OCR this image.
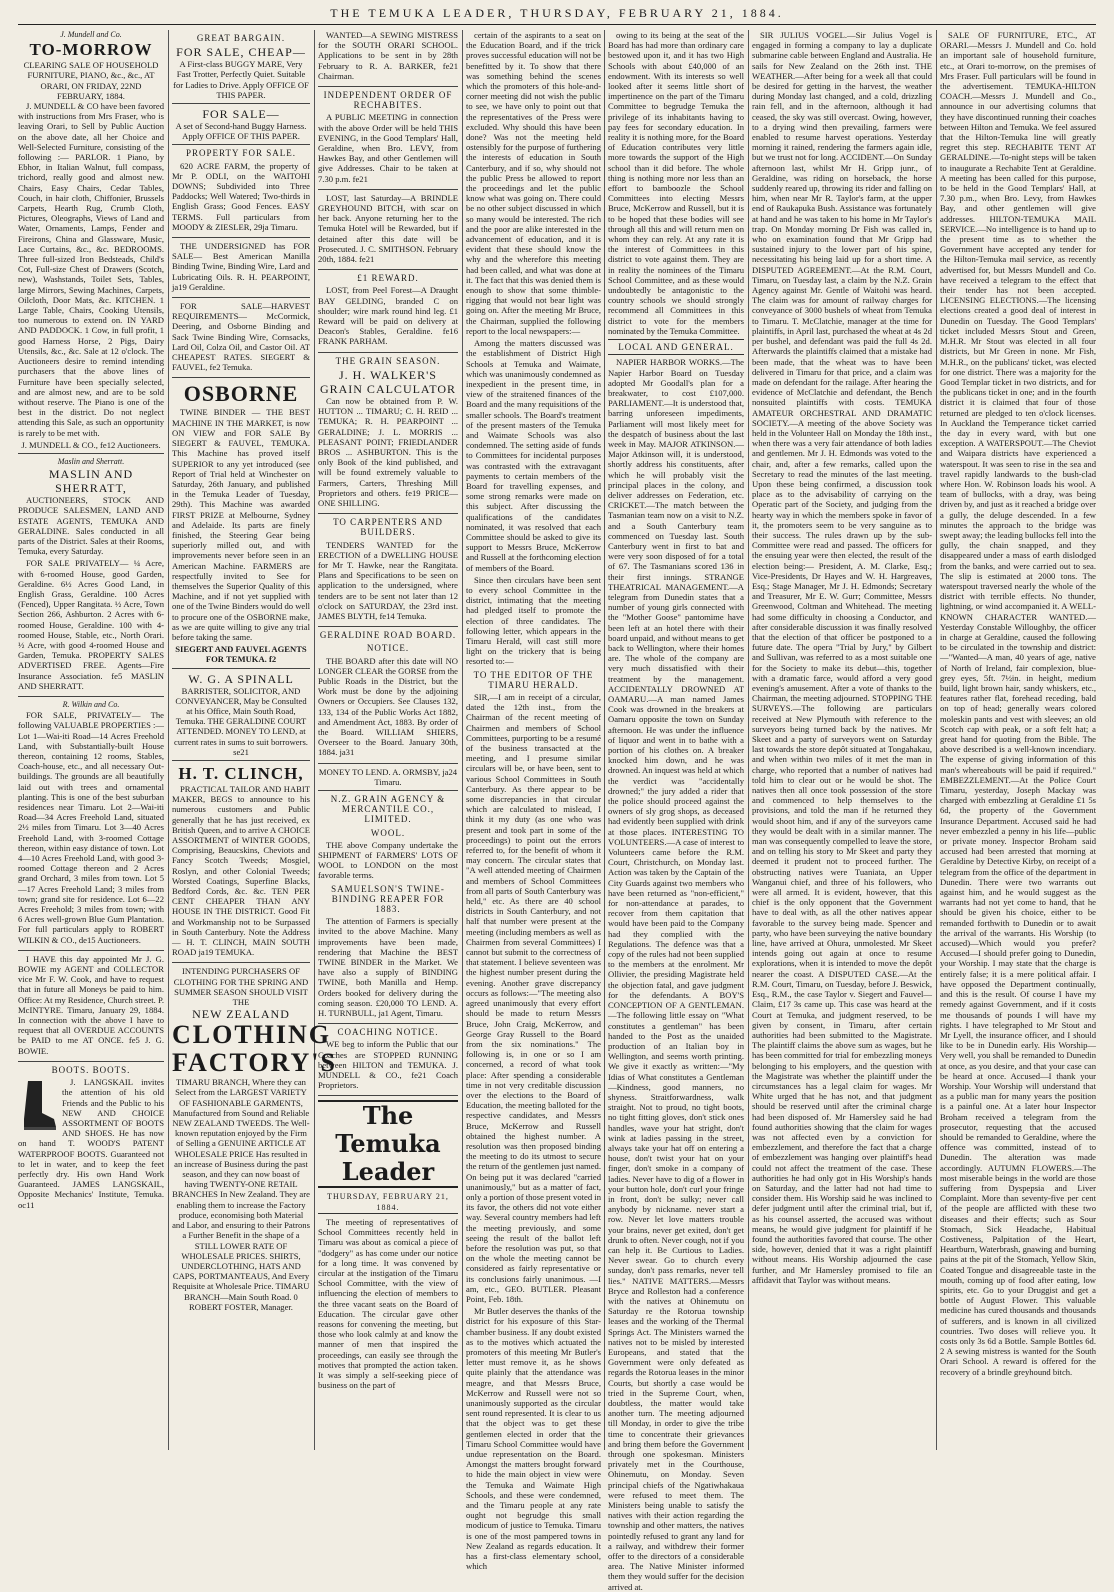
THE TEMUKA LEADER, THURSDAY, FEBRUARY 21, 1884.
J. Mundell and Co.
TO-MORROW
CLEARING SALE OF HOUSEHOLD FURNITURE, PIANO, &c., &c., AT ORARI, ON FRIDAY, 22ND FEBRUARY, 1884.
J. MUNDELL & CO have been favored with instructions from Mrs Fraser, who is leaving Orari, to Sell by Public Auction on the above date, all her Choice and Well-Selected Furniture, consisting of the following :— PARLOR. 1 Piano, by Ebhor, in Italian Walnut, full compass, trichord, really good and almost new. Chairs, Easy Chairs, Cedar Tables, Couch, in hair cloth, Chiffonier, Brussels Carpets, Hearth Rug, Crumb Cloth, Pictures, Oleographs, Views of Land and Water, Ornaments, Lamps, Fender and Fireirons, China and Glassware, Music, Lace Curtains, &c., &c. BEDROOMS. Three full-sized Iron Bedsteads, Child's Cot, Full-size Chest of Drawers (Scotch, new), Washstands, Toilet Sets, Tables, large Mirrors, Sewing Machines, Carpets, Oilcloth, Door Mats, &c. KITCHEN. 1 Large Table, Chairs, Cooking Utensils, too numerous to extend on. IN YARD AND PADDOCK. 1 Cow, in full profit, 1 good Harness Horse, 2 Pigs, Dairy Utensils, &c., &c. Sale at 12 o'clock. The Auctioneers desire to remind intending purchasers that the above lines of Furniture have been specially selected, and are almost new, and are to be sold without reserve. The Piano is one of the best in the district. Do not neglect attending this Sale, as such an opportunity is rarely to be met with.
J. MUNDELL & CO., fe12 Auctioneers.
Maslin and Sherratt.
MASLIN AND SHERRATT,
AUCTIONEERS, STOCK AND PRODUCE SALESMEN, LAND AND ESTATE AGENTS, TEMUKA AND GERALDINE. Sales conducted in all parts of the District. Sales at their Rooms, Temuka, every Saturday.
FOR SALE PRIVATELY— ¼ Acre, with 6-roomed House, good Garden, Geraldine. 6½ Acres Good Land, in English Grass, Geraldine. 100 Acres (Fenced), Upper Rangitata. ½ Acre, Town Section 266, Ashburton. 2 Acres with 6-roomed House, Geraldine. 100 with 4-roomed House, Stable, etc., North Orari. ½ Acre, with good 4-roomed House and Garden, Temuka. PROPERTY SALES ADVERTISED FREE. Agents—Fire Insurance Association. fe5 MASLIN AND SHERRATT.
R. Wilkin and Co.
FOR SALE, PRIVATELY— The following VALUABLE PROPERTIES :— Lot 1—Wai-iti Road—14 Acres Freehold Land, with Substantially-built House thereon, containing 12 rooms, Stables, Coach-house, etc., and all necessary Out-buildings. The grounds are all beautifully laid out with trees and ornamental planting. This is one of the best suburban residences near Timaru. Lot 2—Wai-iti Road—34 Acres Freehold Land, situated 2½ miles from Timaru. Lot 3—40 Acres Freehold Land, with 3-roomed Cottage thereon, within easy distance of town. Lot 4—10 Acres Freehold Land, with good 3-roomed Cottage thereon and 2 Acres grand Orchard, 3 miles from town. Lot 5—17 Acres Freehold Land; 3 miles from town; grand site for residence. Lot 6—22 Acres Freehold; 3 miles from town; with 6 Acres well-grown Blue Gum Plantation. For full particulars apply to ROBERT WILKIN & CO., de15 Auctioneers.
I HAVE this day appointed Mr J. G. BOWIE my AGENT and COLLECTOR vice Mr F. W. Cook, and have to request that in future all Moneys be paid to him. Office: At my Residence, Church street. P. McINTYRE. Timaru, January 29, 1884. In connection with the above I have to request that all OVERDUE ACCOUNTS be PAID to me AT ONCE. fe5 J. G. BOWIE.
BOOTS. BOOTS.
J. LANGSKAIL invites the attention of his old Friends and the Public to his NEW AND CHOICE ASSORTMENT OF BOOTS AND SHOES. He has now on hand T. WOOD'S PATENT WATERPROOF BOOTS. Guaranteed not to let in water, and to keep the feet perfectly dry. His own Hand Work Guaranteed. JAMES LANGSKAIL, Opposite Mechanics' Institute, Temuka. oc11
GREAT BARGAIN.
FOR SALE, CHEAP—
A First-class BUGGY MARE, Very Fast Trotter, Perfectly Quiet. Suitable for Ladies to Drive. Apply OFFICE OF THIS PAPER.
FOR SALE—
A set of Second-hand Buggy Harness. Apply OFFICE OF THIS PAPER.
PROPERTY FOR SALE.
620 ACRE FARM, the property of Mr P. ODLI, on the WAITOHI DOWNS; Subdivided into Three Paddocks; Well Watered; Two-thirds in English Grass; Good Fences. EASY TERMS. Full particulars from MOODY & ZIESLER, 29ja Timaru.
THE UNDERSIGNED has FOR SALE— Best American Manilla Binding Twine, Binding Wire, Lard and Lubricating Oils. R. H. PEARPOINT, ja19 Geraldine.
FOR SALE—HARVEST REQUIREMENTS— McCormick, Deering, and Osborne Binding and Sack Twine Binding Wire, Cornsacks, Lard Oil, Colza Oil, and Castor Oil. AT CHEAPEST RATES. SIEGERT & FAUVEL, fe2 Temuka.
OSBORNE
TWINE BINDER — THE BEST MACHINE IN THE MARKET, is now ON VIEW and FOR SALE By SIEGERT & FAUVEL, TEMUKA. This Machine has proved itself SUPERIOR to any yet introduced (see Report of Trial held at Winchester on Saturday, 26th January, and published in the Temuka Leader of Tuesday, 29th). This Machine was awarded FIRST PRIZE at Melbourne, Sydney and Adelaide. Its parts are finely finished, the Steering Gear being superiorly milled out, and with improvements never before seen in an American Machine. FARMERS are respectfully invited to See for themselves the Superior Quality of this Machine, and if not yet supplied with one of the Twine Binders would do well to procure one of the OSBORNE make, as we are quite willing to give any trial before taking the same.
SIEGERT AND FAUVEL AGENTS FOR TEMUKA. f2
W. G. A SPINALL
BARRISTER, SOLICITOR, AND CONVEYANCER, May be Consulted at his Office, Main South Road, Temuka. THE GERALDINE COURT ATTENDED. MONEY TO LEND, at current rates in sums to suit borrowers. se21
H. T. CLINCH,
PRACTICAL TAILOR AND HABIT MAKER, BEGS to announce to his numerous customers and Public generally that he has just received, ex British Queen, and to arrive A CHOICE ASSORTMENT of WINTER GOODS, Comprising, Beaucskins, Cheviots and Fancy Scotch Tweeds; Mosgiel, Roslyn, and other Colonial Tweeds; Worsted Coatings, Superfine Blacks, Bedford Cords, &c. &c. TEN PER CENT CHEAPER THAN ANY HOUSE IN THE DISTRICT. Good Fit and Workmanship not to be Surpassed in South Canterbury. Note the Address— H. T. CLINCH, MAIN SOUTH ROAD ja19 TEMUKA.
INTENDING PURCHASERS OF CLOTHING FOR THE SPRING AND SUMMER SEASON SHOULD VISIT THE
NEW ZEALAND
CLOTHING FACTORY'S
TIMARU BRANCH, Where they can Select from the LARGEST VARIETY OF FASHIONABLE GARMENTS, Manufactured from Sound and Reliable NEW ZEALAND TWEEDS. The Well-known reputation enjoyed by the Firm of Selling a GENUINE ARTICLE AT WHOLESALE PRICE Has resulted in an increase of Business during the past season, and they can now boast of having TWENTY-ONE RETAIL BRANCHES In New Zealand. They are enabling them to increase the Factory produce, economising both Material and Labor, and ensuring to their Patrons a Further Benefit in the shape of a STILL LOWER RATE OF WHOLESALE PRICES. SHIRTS, UNDERCLOTHING, HATS AND CAPS, PORTMANTEAUS, And Every Requisite at Wholesale Price. TIMARU BRANCH—Main South Road. 0 ROBERT FOSTER, Manager.
WANTED—A SEWING MISTRESS for the SOUTH ORARI SCHOOL. Applications to be sent in by 28th February to R. A. BARKER, fe21 Chairman.
INDEPENDENT ORDER OF RECHABITES.
A PUBLIC MEETING in connection with the above Order will be held THIS EVENING, in the Good Templars' Hall, Geraldine, when Bro. LEVY, from Hawkes Bay, and other Gentlemen will give Addresses. Chair to be taken at 7.30 p.m. fe21
LOST, last Saturday—A BRINDLE GREYHOUND BITCH, with scar on her back. Anyone returning her to the Temuka Hotel will be Rewarded, but if detained after this date will be Prosecuted. J. C. SMITHSON. February 20th, 1884. fe21
£1 REWARD.
LOST, from Peel Forest—A Draught BAY GELDING, branded C on shoulder; wire mark round hind leg. £1 Reward will be paid on delivery at Deacon's Stables, Geraldine. fe16 FRANK PARHAM.
THE GRAIN SEASON.
J. H. WALKER'S GRAIN CALCULATOR
Can now be obtained from P. W. HUTTON ... TIMARU; C. H. REID ... TEMUKA; R. H. PEARPOINT ... GERALDINE; J. L. MORRIS ... PLEASANT POINT; FRIEDLANDER BROS ... ASHBURTON. This is the only Book of the kind published, and will be found extremely valuable to Farmers, Carters, Threshing Mill Proprietors and others. fe19 PRICE—ONE SHILLING.
TO CARPENTERS AND BUILDERS.
TENDERS WANTED for the ERECTION of a DWELLING HOUSE for Mr T. Hawke, near the Rangitata. Plans and Specifications to be seen on application to the undersigned, where tenders are to be sent not later than 12 o'clock on SATURDAY, the 23rd inst. JAMES BLYTH, fe14 Temuka.
GERALDINE ROAD BOARD.
NOTICE.
THE BOARD after this date will NO LONGER CLEAR the GORSE from the Public Roads in the District, but the Work must be done by the adjoining Owners or Occupiers. See Clauses 132, 133, 134 of the Public Works Act 1882, and Amendment Act, 1883. By order of the Board. WILLIAM SHIERS, Overseer to the Board. January 30th, 1884. ja31
MONEY TO LEND. A. ORMSBY, ja24 Timaru.
N.Z. GRAIN AGENCY & MERCANTILE CO., LIMITED.
WOOL.
THE above Company undertake the SHIPMENT of FARMERS' LOTS OF WOOL to LONDON on the most favorable terms.
SAMUELSON'S TWINE-BINDING REAPER FOR 1883.
The attention of Farmers is specially invited to the above Machine. Many improvements have been made, rendering that Machine the BEST TWINE BINDER in the Market. We have also a supply of BINDING TWINE, both Manilla and Hemp. Orders booked for delivery during the coming season. £20,000 TO LEND. A. H. TURNBULL, ja1 Agent, Timaru.
COACHING NOTICE.
WE beg to inform the Public that our Coaches are STOPPED RUNNING between HILTON and TEMUKA. J. MUNDELL & CO., fe21 Coach Proprietors.
The Temuka Leader
THURSDAY, FEBRUARY 21, 1884.
The meeting of representatives of School Committees recently held in Timaru was about as comical a piece of "dodgery" as has come under our notice for a long time. It was convened by circular at the instigation of the Timaru School Committee, with the view of influencing the election of members to the three vacant seats on the Board of Education. The circular gave other reasons for convening the meeting, but those who look calmly at and know the manner of men that inspired the proceedings, can easily see through the motives that prompted the action taken. It was simply a self-seeking piece of business on the part of
certain of the aspirants to a seat on the Education Board, and if the trick proves successful education will not be benefitted by it. To show that there was something behind the scenes which the promoters of this hole-and-corner meeting did not wish the public to see, we have only to point out that the representatives of the Press were excluded. Why should this have been done? Was not the meeting held ostensibly for the purpose of furthering the interests of education in South Canterbury, and if so, why should not the public Press be allowed to report the proceedings and let the public know what was going on. There could be no other subject discussed in which so many would be interested. The rich and the poor are alike interested in the advancement of education, and it is evident that these should know the why and the wherefore this meeting had been called, and what was done at it. The fact that this was denied them is enough to show that some thimble-rigging that would not bear light was going on. After the meeting Mr Bruce, the Chairman, supplied the following report to the local newspapers:—
Among the matters discussed was the establishment of District High Schools at Temuka and Waimate, which was unanimously condemned as inexpedient in the present time, in view of the straitened finances of the Board and the many requisitions of the smaller schools. The Board's treatment of the present masters of the Temuka and Waimate Schools was also condemned. The setting aside of funds to Committees for incidental purposes was contrasted with the extravagant payments to certain members of the Board for travelling expenses, and some strong remarks were made on this subject. After discussing the qualifications of the candidates nominated, it was resolved that each Committee should be asked to give its support to Messrs Bruce, McKerrow and Russell at the forthcoming election of members of the Board.
Since then circulars have been sent to every school Committee in the district, intimating that the meeting had pledged itself to promote the election of three candidates. The following letter, which appears in the Timaru Herald, will cast still more light on the trickery that is being resorted to:—
TO THE EDITOR OF THE TIMARU HERALD.
SIR,—I am in receipt of a circular, dated the 12th inst., from the Chairman of the recent meeting of Chairmen and members of School Committees, purporting to be a resumé of the business transacted at the meeting, and I presume similar circulars will be, or have been, sent to various School Committees in South Canterbury. As there appear to be some discrepancies in that circular which are calculated to mislead, I think it my duty (as one who was present and took part in some of the proceedings) to point out the errors referred to, for the benefit of whom it may concern. The circular states that "A well attended meeting of Chairmen and members of School Committees from all parts of South Canterbury was held," etc. As there are 40 school districts in South Canterbury, and not half that number were present at the meeting (including members as well as Chairmen from several Committees) I cannot but submit to the correctness of that statement. I believe seventeen was the highest number present during the evening. Another grave discrepancy occurs as follows:—"The meeting also agreed unanimously that every effort should be made to return Messrs Bruce, John Craig, McKerrow, and George Gray Russell to the Board from the six nominations." The following is, in one or so I am concerned, a record of what took place: After spending a considerable time in not very creditable discussion over the elections to the Board of Education, the meeting balloted for the respective candidates, and Messrs Bruce, McKerrow and Russell obtained the highest number. A resolution was then proposed binding the meeting to do its utmost to secure the return of the gentlemen just named. On being put it was declared "carried unanimously," but as a matter of fact, only a portion of those present voted in its favor, the others did not vote either way. Several country members had left the meeting previously, and some seeing the result of the ballot left before the resolution was put, so that on the whole the meeting cannot be considered as fairly representative or its conclusions fairly unanimous. —I am, etc., GEO. BUTLER. Pleasant Point, Feb. 18th.
Mr Butler deserves the thanks of the district for his exposure of this Star-chamber business. If any doubt existed as to the motives which actuated the promoters of this meeting Mr Butler's letter must remove it, as he shows quite plainly that the attendance was meagre, and that Messrs Bruce, McKerrow and Russell were not so unanimously supported as the circular sent round represented. It is clear to us that the object was to get these gentlemen elected in order that the Timaru School Committee would have undue representation on the Board. Amongst the matters brought forward to hide the main object in view were the Temuka and Waimate High Schools, and these were condemned, and the Timaru people at any rate ought not begrudge this small modicum of justice to Temuka. Timaru is one of the most pampered towns in New Zealand as regards education. It has a first-class elementary school, which
owing to its being at the seat of the Board has had more than ordinary care bestowed upon it, and it has two High Schools with about £40,000 of an endowment. With its interests so well looked after it seems little short of impertinence on the part of the Timaru Committee to begrudge Temuka the privilege of its inhabitants having to pay fees for secondary education. In reality it is nothing more, for the Board of Education contributes very little more towards the support of the High school than it did before. The whole thing is nothing more nor less than an effort to bamboozle the School Committees into electing Messrs Bruce, McKerrow and Russell, but it is to be hoped that these bodies will see through all this and will return men on whom they can rely. At any rate it is the interest of Committees in this district to vote against them. They are in reality the nominees of the Timaru School Committee, and as these would undoubtedly be antagonistic to the country schools we should strongly recommend all Committees in this district to vote for the members nominated by the Temuka Committee.
LOCAL AND GENERAL.
NAPIER HARBOR WORKS.—The Napier Harbor Board on Tuesday adopted Mr Goodall's plan for a breakwater, to cost £107,000. PARLIAMENT.—It is understood that, barring unforeseen impediments, Parliament will most likely meet for the despatch of business about the last week in May. MAJOR ATKINSON.—Major Atkinson will, it is understood, shortly address his constituents, after which he will probably visit the principal places in the colony, and deliver addresses on Federation, etc. CRICKET.—The match between the Tasmanian team now on a visit to N.Z. and a South Canterbury team commenced on Tuesday last. South Canterbury went in first to bat and were very soon disposed of for a total of 67. The Tasmanians scored 136 in their first innings. STRANGE THEATRICAL MANAGEMENT.—A telegram from Dunedin states that a number of young girls connected with the "Mother Goose" pantomime have been left at an hotel there with their board unpaid, and without means to get back to Wellington, where their homes are. The whole of the company are very much dissatisfied with their treatment by the management. ACCIDENTALLY DROWNED AT OAMARU.—A man named James Cook was drowned in the breakers at Oamaru opposite the town on Sunday afternoon. He was under the influence of liquor and went in to bathe with a portion of his clothes on. A breaker knocked him down, and he was drowned. An inquest was held at which the verdict was "accidentally drowned;" the jury added a rider that the police should proceed against the owners of sly grog shops, as deceased had evidently been supplied with drink at those places. INTERESTING TO VOLUNTEERS.—A case of interest to Volunteers came before the R.M. Court, Christchurch, on Monday last. Action was taken by the Captain of the City Guards against two members who have been returned as "non-efficient," for non-attendance at parades, to recover from them capitation that would have been paid to the Company had they complied with the Regulations. The defence was that a copy of the rules had not been supplied to the members at the enrolment. Mr Ollivier, the presiding Magistrate held the objection fatal, and gave judgment for the defendants. A BOY'S CONCEPTION OF A GENTLEMAN.—The following little essay on "What constitutes a gentleman" has been handed to the Post as the unaided production of an Italian boy in Wellington, and seems worth printing. We give it exactly as written:—"My Idias of What constitutes a Gentleman—Kindness, good manners, no shyness. Straitforwardness, walk straight. Not to proud, no tight boots, no tight fitting gloves, don't stick ones handles, wave your hat stright, don't wink at ladies passing in the street, always take your hat off on entering a house, don't twist your hat on your finger, don't smoke in a company of ladies. Never have to dig of a flower in your button hole, don't curl your fringe in front, don't be sulky; never call anybody by nickname. never start a row. Never let love matters trouble your brains, never get exited, don't get drunk to often. Never cough, not if you can help it. Be Curtious to Ladies. Never swear. Go to church every sunday, don't pass remarks, never tell lies." NATIVE MATTERS.—Messrs Bryce and Rolleston had a conference with the natives at Ohinemutu on Saturday re the Rotorua township leases and the working of the Thermal Springs Act. The Ministers warned the natives not to be misled by interested Europeans, and stated that the Government were only defeated as regards the Rotorua leases in the minor Courts, but shortly a case would be tried in the Supreme Court, when, doubtless, the matter would take another turn. The meeting adjourned till Monday, in order to give the tribe time to concentrate their grievances and bring them before the Government through one spokesman. Ministers privately met in the Courthouse, Ohinemutu, on Monday. Seven principal chiefs of the Ngatiwhakaua were refused to meet them. The Ministers being unable to satisfy the natives with their action regarding the township and other matters, the natives pointedly refused to grant any land for a railway, and withdrew their former offer to the directors of a considerable area. The Native Minister informed them they would suffer for the decision arrived at.
SIR JULIUS VOGEL.—Sir Julius Vogel is engaged in forming a company to lay a duplicate submarine cable between England and Australia. He sails for New Zealand on the 26th inst. THE WEATHER.—After being for a week all that could be desired for getting in the harvest, the weather during Monday last changed, and a cold, drizzling rain fell, and in the afternoon, although it had ceased, the sky was still overcast. Owing, however, to a drying wind then prevailing, farmers were enabled to resume harvest operations. Yesterday morning it rained, rendering the farmers again idle, but we trust not for long. ACCIDENT.—On Sunday afternoon last, whilst Mr H. Gripp junr., of Geraldine, was riding on horseback, the horse suddenly reared up, throwing its rider and falling on him, when near Mr R. Taylor's farm, at the upper end of Raukapuka Bush. Assistance was fortunately at hand and he was taken to his home in Mr Taylor's trap. On Monday morning Dr Fish was called in, who on examination found that Mr Gripp had sustained injury to the lower part of his spine, necessitating his being laid up for a short time. A DISPUTED AGREEMENT.—At the R.M. Court, Timaru, on Tuesday last, a claim by the N.Z. Grain Agency against Mr. Gentle of Waitohi was heard. The claim was for amount of railway charges for conveyance of 3000 bushels of wheat from Temuka to Timaru. T. McClatchie, manager at the time for plaintiffs, in April last, purchased the wheat at 4s 2d per bushel, and defendant was paid the full 4s 2d. Afterwards the plaintiffs claimed that a mistake had been made, that the wheat was to have been delivered in Timaru for that price, and a claim was made on defendant for the railage. After hearing the evidence of McClatchie and defendant, the Bench nonsuited plaintiffs with costs. TEMUKA AMATEUR ORCHESTRAL AND DRAMATIC SOCIETY.—A meeting of the above Society was held in the Volunteer Hall on Monday the 18th inst., when there was a very fair attendance of both ladies and gentlemen. Mr J. H. Edmonds was voted to the chair, and, after a few remarks, called upon the Secretary to read the minutes of the last meeting. Upon these being confirmed, a discussion took place as to the advisability of carrying on the Operatic part of the Society, and judging from the hearty way in which the members spoke in favor of it, the promoters seem to be very sanguine as to their success. The rules drawn up by the sub-Committee were read and passed. The officers for the ensuing year were then elected, the result of the election being:— President, A. M. Clarke, Esq.; Vice-Presidents, Dr Hayes and W. H. Hargreaves, Esq.; Stage Manager, Mr J. H. Edmonds; Secretary and Treasurer, Mr E. W. Gurr; Committee, Messrs Greenwood, Coltman and Whitehead. The meeting had some difficulty in choosing a Conductor, and after considerable discussion it was finally resolved that the election of that officer be postponed to a future date. The opera "Trial by Jury," by Gilbert and Sullivan, was referred to as a most suitable one for the Society to make its debut—this, together with a dramatic farce, would afford a very good evening's amusement. After a vote of thanks to the Chairman, the meeting adjourned. STOPPING THE SURVEYS.—The following are particulars received at New Plymouth with reference to the surveyors being turned back by the natives. Mr Skeet and a party of surveyors went on Saturday last towards the store depôt situated at Tongahakau, and when within two miles of it met the man in charge, who reported that a number of natives had told him to clear out or he would be shot. The natives then all once took possession of the store and commenced to help themselves to the provisions, and told the man if he returned they would shoot him, and if any of the surveyors came they would be dealt with in a similar manner. The man was consequently compelled to leave the store, and on telling his story to Mr Skeet and party they deemed it prudent not to proceed further. The obstructing natives were Tuaniata, an Upper Wanganui chief, and three of his followers, who were all armed. It is evident, however, that this chief is the only opponent that the Government have to deal with, as all the other natives appear favorable to the survey being made. Spencer and party, who have been surveying the native boundary line, have arrived at Ohura, unmolested. Mr Skeet intends going out again at once to resume explorations, when it is intended to move the depôt nearer the coast. A DISPUTED CASE.—At the R.M. Court, Timaru, on Tuesday, before J. Beswick, Esq., R.M., the case Taylor v. Siegert and Fauvel—Claim, £17 3s came up. This case was heard at the Court at Temuka, and judgment reserved, to be given by consent, in Timaru, after certain authorities had been submitted to the Magistrate. The plaintiff claims the above sum as wages, but he has been committed for trial for embezzling moneys belonging to his employers, and the question with the Magistrate was whether the plaintiff under the circumstances has a legal claim for wages. Mr White urged that he has not, and that judgment should be reserved until after the criminal charge had been disposed of. Mr Hamersley said he had found authorities showing that the claim for wages was not affected even by a conviction for embezzlement, and therefore the fact that a charge of embezzlement was hanging over plaintiff's head could not affect the treatment of the case. These authorities he had only got in His Worship's hands on Saturday, and the latter had not had time to consider them. His Worship said he was inclined to defer judgment until after the criminal trial, but if, as his counsel asserted, the accused was without means, he would give judgment for plaintiff if he found the authorities favored that course. The other side, however, denied that it was a right plaintiff without means. His Worship adjourned the case further, and Mr Hamersley promised to file an affidavit that Taylor was without means.
SALE OF FURNITURE, ETC., AT ORARI.—Messrs J. Mundell and Co. hold an important sale of household furniture, etc., at Orari to-morrow, on the premises of Mrs Fraser. Full particulars will be found in the advertisement. TEMUKA-HILTON COACH.—Messrs J. Mundell and Co., announce in our advertising columns that they have discontinued running their coaches between Hilton and Temuka. We feel assured that the Hilton-Temuka line will greatly regret this step. RECHABITE TENT AT GERALDINE.—To-night steps will be taken to inaugurate a Rechabite Tent at Geraldine. A meeting has been called for this purpose, to be held in the Good Templars' Hall, at 7.30 p.m., when Bro. Levy, from Hawkes Bay, and other gentlemen will give addresses. HILTON-TEMUKA MAIL SERVICE.—No intelligence is to hand up to the present time as to whether the Government have accepted any tender for the Hilton-Temuka mail service, as recently advertised for, but Messrs Mundell and Co. have received a telegram to the effect that their tender has not been accepted. LICENSING ELECTIONS.—The licensing elections created a good deal of interest in Dunedin on Tuesday. The Good Templars' ticket included Messrs Stout and Green, M.H.R. Mr Stout was elected in all four districts, but Mr Green in none. Mr Fish, M.H.R., on the publicans' ticket, was elected for one district. There was a majority for the Good Templar ticket in two districts, and for the publicans ticket in one; and in the fourth district it is claimed that four of those returned are pledged to ten o'clock licenses. In Auckland the Temperance ticket carried the day in every ward, with but one exception. A WATERSPOUT.—The Cheviot and Waipara districts have experienced a waterspout. It was seen to rise in the sea and travel rapidly landwards to the bush-clad where Hon. W. Robinson loads his wool. A team of bullocks, with a dray, was being driven by, and just as it reached a bridge over a gully, the deluge descended. In a few minutes the approach to the bridge was swept away; the leading bullocks fell into the gully, the chain snapped, and they disappeared under a mass of earth dislodged from the banks, and were carried out to sea. The slip is estimated at 2000 tons. The waterspout traversed nearly the whole of the district with terrible effects. No thunder, lightning, or wind accompanied it. A WELL-KNOWN CHARACTER WANTED.—Yesterday Constable Willoughby, the officer in charge at Geraldine, caused the following to be circulated in the township and district:—"Wanted—A man, 40 years of age, native of North of Ireland, fair complexion, blue-grey eyes, 5ft. 7½in. in height, medium build, light brown hair, sandy whiskers, etc., features rather flat, forehead receding, bald on top of head; generally wears colored moleskin pants and vest with sleeves; an old Scotch cap with peak, or a soft felt hat; a great hand for quoting from the Bible. The above described is a well-known incendiary. The expense of giving information of this man's whereabouts will be paid if required." EMBEZZLEMENT.—At the Police Court Timaru, yesterday, Joseph Mackay was charged with embezzling at Geraldine £1 5s 6d, the property of the Government Insurance Department. Accused said he had never embezzled a penny in his life—public or private money. Inspector Broham said accused had been arrested that morning at Geraldine by Detective Kirby, on receipt of a telegram from the office of the department in Dunedin. There were two warrants out against him, and he would suggest as the warrants had not yet come to hand, that he should be given his choice, either to be remanded forthwith to Dunedin or to await the arrival of the warrants. His Worship (to accused)—Which would you prefer? Accused—I should prefer going to Dunedin, your Worship. I may state that the charge is entirely false; it is a mere political affair. I have opposed the Department continually, and this is the result. Of course I have my remedy against Government, and if it costs me thousands of pounds I will have my rights. I have telegraphed to Mr Stout and Mr Lyell, the insurance officer, and I should like to be in Dunedin early. His Worship—Very well, you shall be remanded to Dunedin at once, as you desire, and that your case can be heard at once. Accused—I thank your Worship. Your Worship will understand that as a public man for many years the position is a painful one. At a later hour Inspector Broham received a telegram from the prosecutor, requesting that the accused should be remanded to Geraldine, where the offence was committed, instead of to Dunedin. The alteration was made accordingly. AUTUMN FLOWERS.—The most miserable beings in the world are those suffering from Dyspepsia and Liver Complaint. More than seventy-five per cent of the people are afflicted with these two diseases and their effects; such as Sour Stomach, Sick Headache, Habitual Costiveness, Palpitation of the Heart, Heartburn, Waterbrash, gnawing and burning pains at the pit of the Stomach, Yellow Skin, Coated Tongue and disagreeable taste in the mouth, coming up of food after eating, low spirits, etc. Go to your Druggist and get a bottle of August Flower. This valuable medicine has cured thousands and thousands of sufferers, and is known in all civilized countries. Two doses will relieve you. It costs only 3s 6d a Bottle. Sample Bottles 6d. 2 A sewing mistress is wanted for the South Orari School. A reward is offered for the recovery of a brindle greyhound bitch.
